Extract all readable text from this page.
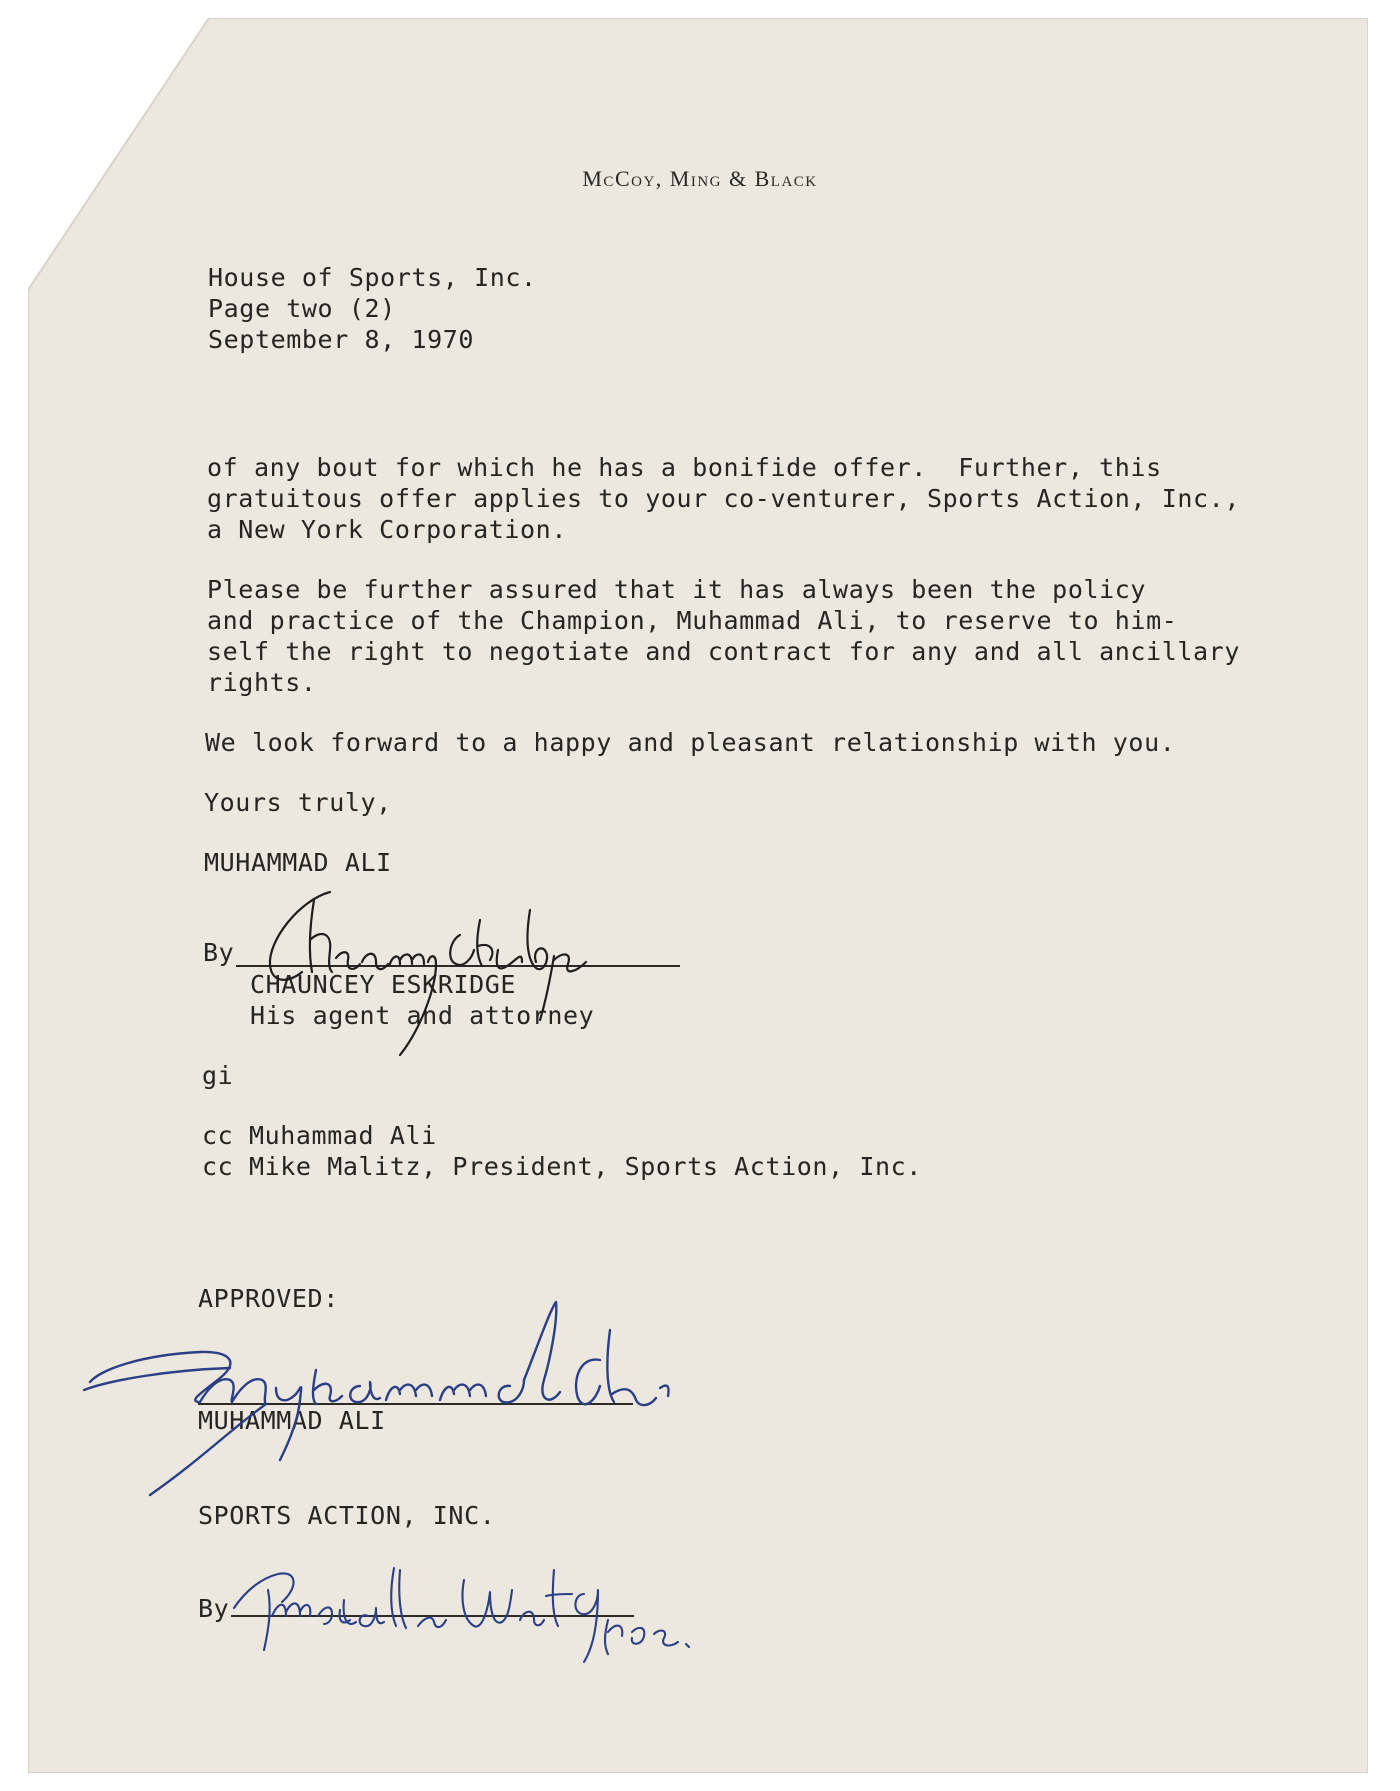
McCoy, Ming & Black
House of Sports, Inc.
Page two (2)
September 8, 1970
of any bout for which he has a bonifide offer.  Further, this
gratuitous offer applies to your co-venturer, Sports Action, Inc.,
a New York Corporation.
Please be further assured that it has always been the policy
and practice of the Champion, Muhammad Ali, to reserve to him-
self the right to negotiate and contract for any and all ancillary
rights.
We look forward to a happy and pleasant relationship with you.
Yours truly,
MUHAMMAD ALI
By
CHAUNCEY ESKRIDGE
His agent and attorney
gi
cc Muhammad Ali
cc Mike Malitz, President, Sports Action, Inc.
APPROVED:
MUHAMMAD ALI
SPORTS ACTION, INC.
By
